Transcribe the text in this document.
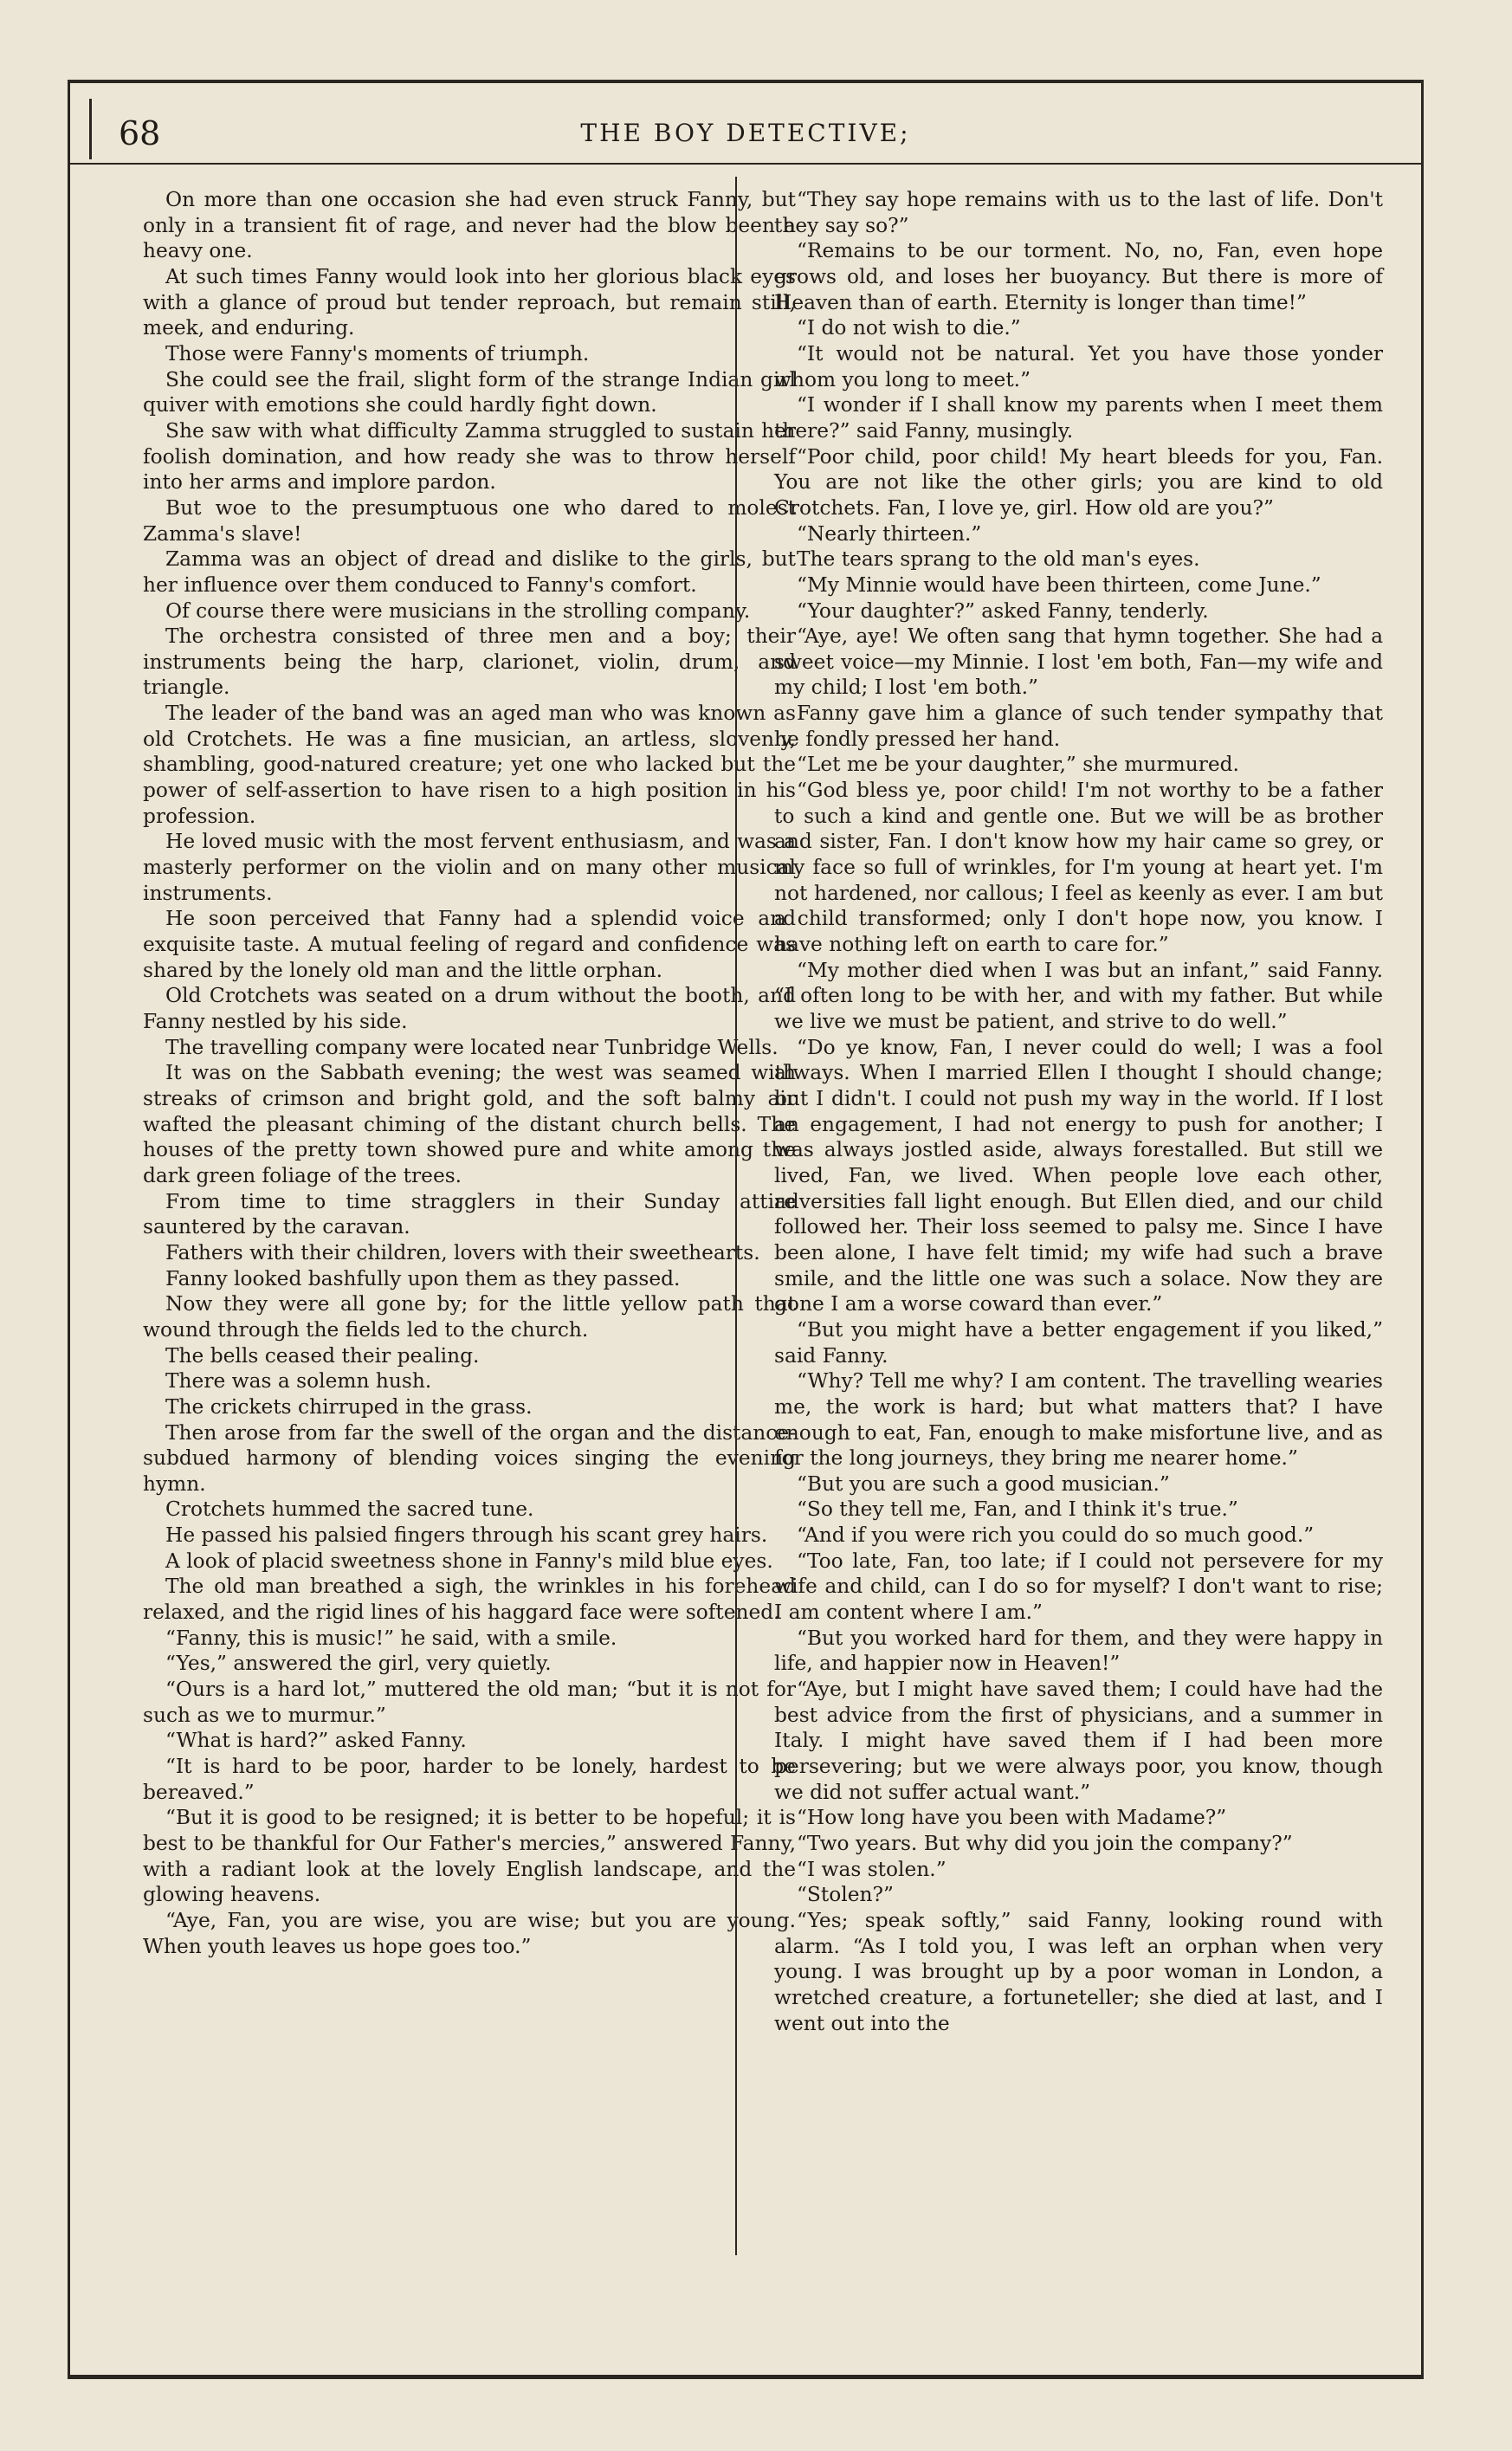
68	THE BOY DETECTIVE;

On more than one occasion she had even struck Fanny, but only in a transient fit of rage, and never had the blow been a heavy one.

At such times Fanny would look into her glorious black eyes with a glance of proud but tender reproach, but remain still, meek, and enduring.

Those were Fanny's moments of triumph.

She could see the frail, slight form of the strange Indian girl quiver with emotions she could hardly fight down.

She saw with what difficulty Zamma struggled to sustain her foolish domination, and how ready she was to throw herself into her arms and implore pardon.

But woe to the presumptuous one who dared to molest Zamma's slave!

Zamma was an object of dread and dislike to the girls, but her influence over them conduced to Fanny's comfort.

Of course there were musicians in the strolling company.

The orchestra consisted of three men and a boy; their instruments being the harp, clarionet, violin, drum, and triangle.

The leader of the band was an aged man who was known as old Crotchets. He was a fine musician, an artless, slovenly, shambling, good-natured creature; yet one who lacked but the power of self-assertion to have risen to a high position in his profession.

He loved music with the most fervent enthusiasm, and was a masterly performer on the violin and on many other musical instruments.

He soon perceived that Fanny had a splendid voice and exquisite taste. A mutual feeling of regard and confidence was shared by the lonely old man and the little orphan.

Old Crotchets was seated on a drum without the booth, and Fanny nestled by his side.

The travelling company were located near Tunbridge Wells.

It was on the Sabbath evening; the west was seamed with streaks of crimson and bright gold, and the soft balmy air wafted the pleasant chiming of the distant church bells. The houses of the pretty town showed pure and white among the dark green foliage of the trees.

From time to time stragglers in their Sunday attire sauntered by the caravan.

Fathers with their children, lovers with their sweethearts.

Fanny looked bashfully upon them as they passed.

Now they were all gone by; for the little yellow path that wound through the fields led to the church.

The bells ceased their pealing.

There was a solemn hush.

The crickets chirruped in the grass.

Then arose from far the swell of the organ and the distance-subdued harmony of blending voices singing the evening hymn.

Crotchets hummed the sacred tune.

He passed his palsied fingers through his scant grey hairs.

A look of placid sweetness shone in Fanny's mild blue eyes.

The old man breathed a sigh, the wrinkles in his forehead relaxed, and the rigid lines of his haggard face were softened.

“Fanny, this is music!” he said, with a smile.

“Yes,” answered the girl, very quietly.

“Ours is a hard lot,” muttered the old man; “but it is not for such as we to murmur.”

“What is hard?” asked Fanny.

“It is hard to be poor, harder to be lonely, hardest to be bereaved.”

“But it is good to be resigned; it is better to be hopeful; it is best to be thankful for Our Father's mercies,” answered Fanny, with a radiant look at the lovely English landscape, and the glowing heavens.

“Aye, Fan, you are wise, you are wise; but you are young. When youth leaves us hope goes too.”

“They say hope remains with us to the last of life. Don't they say so?”

“Remains to be our torment. No, no, Fan, even hope grows old, and loses her buoyancy. But there is more of Heaven than of earth. Eternity is longer than time!”

“I do not wish to die.”

“It would not be natural. Yet you have those yonder whom you long to meet.”

“I wonder if I shall know my parents when I meet them there?” said Fanny, musingly.

“Poor child, poor child! My heart bleeds for you, Fan. You are not like the other girls; you are kind to old Crotchets. Fan, I love ye, girl. How old are you?”

“Nearly thirteen.”

The tears sprang to the old man's eyes.

“My Minnie would have been thirteen, come June.”

“Your daughter?” asked Fanny, tenderly.

“Aye, aye! We often sang that hymn together. She had a sweet voice—my Minnie. I lost 'em both, Fan—my wife and my child; I lost 'em both.”

Fanny gave him a glance of such tender sympathy that he fondly pressed her hand.

“Let me be your daughter,” she murmured.

“God bless ye, poor child! I'm not worthy to be a father to such a kind and gentle one. But we will be as brother and sister, Fan. I don't know how my hair came so grey, or my face so full of wrinkles, for I'm young at heart yet. I'm not hardened, nor callous; I feel as keenly as ever. I am but a child transformed; only I don't hope now, you know. I have nothing left on earth to care for.”

“My mother died when I was but an infant,” said Fanny. “I often long to be with her, and with my father. But while we live we must be patient, and strive to do well.”

“Do ye know, Fan, I never could do well; I was a fool always. When I married Ellen I thought I should change; but I didn't. I could not push my way in the world. If I lost an engagement, I had not energy to push for another; I was always jostled aside, always forestalled. But still we lived, Fan, we lived. When people love each other, adversities fall light enough. But Ellen died, and our child followed her. Their loss seemed to palsy me. Since I have been alone, I have felt timid; my wife had such a brave smile, and the little one was such a solace. Now they are gone I am a worse coward than ever.”

“But you might have a better engagement if you liked,” said Fanny.

“Why? Tell me why? I am content. The travelling wearies me, the work is hard; but what matters that? I have enough to eat, Fan, enough to make misfortune live, and as for the long journeys, they bring me nearer home.”

“But you are such a good musician.”

“So they tell me, Fan, and I think it's true.”

“And if you were rich you could do so much good.”

“Too late, Fan, too late; if I could not persevere for my wife and child, can I do so for myself? I don't want to rise; I am content where I am.”

“But you worked hard for them, and they were happy in life, and happier now in Heaven!”

“Aye, but I might have saved them; I could have had the best advice from the first of physicians, and a summer in Italy. I might have saved them if I had been more persevering; but we were always poor, you know, though we did not suffer actual want.”

“How long have you been with Madame?”

“Two years. But why did you join the company?”

“I was stolen.”

“Stolen?”

“Yes; speak softly,” said Fanny, looking round with alarm. “As I told you, I was left an orphan when very young. I was brought up by a poor woman in London, a wretched creature, a fortuneteller; she died at last, and I went out into the
